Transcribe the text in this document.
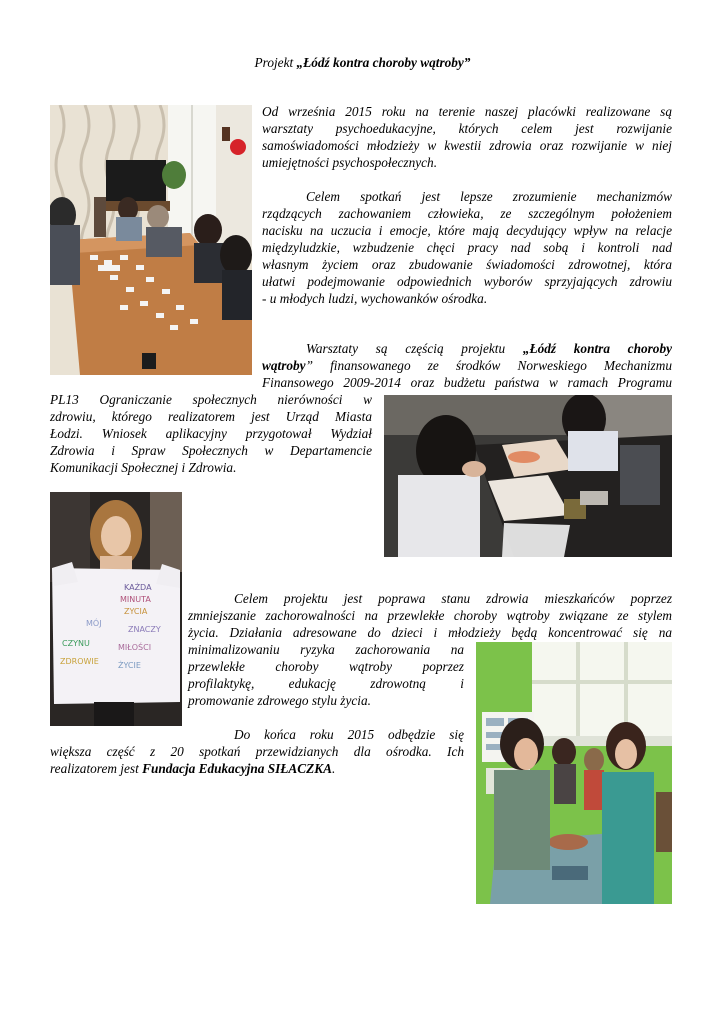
Projekt „Łódź kontra choroby wątroby”

Od września 2015 roku na terenie naszej placówki realizowane są

warsztaty psychoedukacyjne, których celem jest rozwijanie

samoświadomości młodzieży w kwestii zdrowia oraz rozwijanie w niej

umiejętności psychospołecznych.

Celem spotkań jest lepsze zrozumienie mechanizmów

rządzących zachowaniem człowieka, ze szczególnym położeniem

nacisku na uczucia i emocje, które mają decydujący wpływ na relacje

międzyludzkie, wzbudzenie chęci pracy nad sobą i kontroli nad

własnym życiem oraz zbudowanie świadomości zdrowotnej, która

ułatwi podejmowanie odpowiednich wyborów sprzyjających zdrowiu

- u młodych ludzi, wychowanków ośrodka.

Warsztaty są częścią projektu „Łódź kontra choroby

wątroby” finansowanego ze środków Norweskiego Mechanizmu

Finansowego 2009-2014 oraz budżetu państwa w ramach Programu

PL13 Ograniczanie społecznych nierówności w

zdrowiu, którego realizatorem jest Urząd Miasta

Łodzi. Wniosek aplikacyjny przygotował Wydział

Zdrowia i Spraw Społecznych w Departamencie

Komunikacji Społecznej i Zdrowia.

KAŻDA
MINUTA
ZYCIA
MÓJ
ZNACZY
CZYNU	MIŁOŚCI
ZDROWIE ŻYCIE

Celem projektu jest poprawa stanu zdrowia mieszkańców poprzez

zmniejszanie zachorowalności na przewlekłe choroby wątroby związane ze stylem

życia. Działania adresowane do dzieci i młodzieży będą koncentrować się na

minimalizowaniu ryzyka zachorowania na

przewlekłe choroby wątroby poprzez

profilaktykę, edukację zdrowotną i

promowanie zdrowego stylu życia.

Do końca roku 2015 odbędzie się

większa część z 20 spotkań przewidzianych dla ośrodka. Ich

realizatorem jest Fundacja Edukacyjna SIŁACZKA.
